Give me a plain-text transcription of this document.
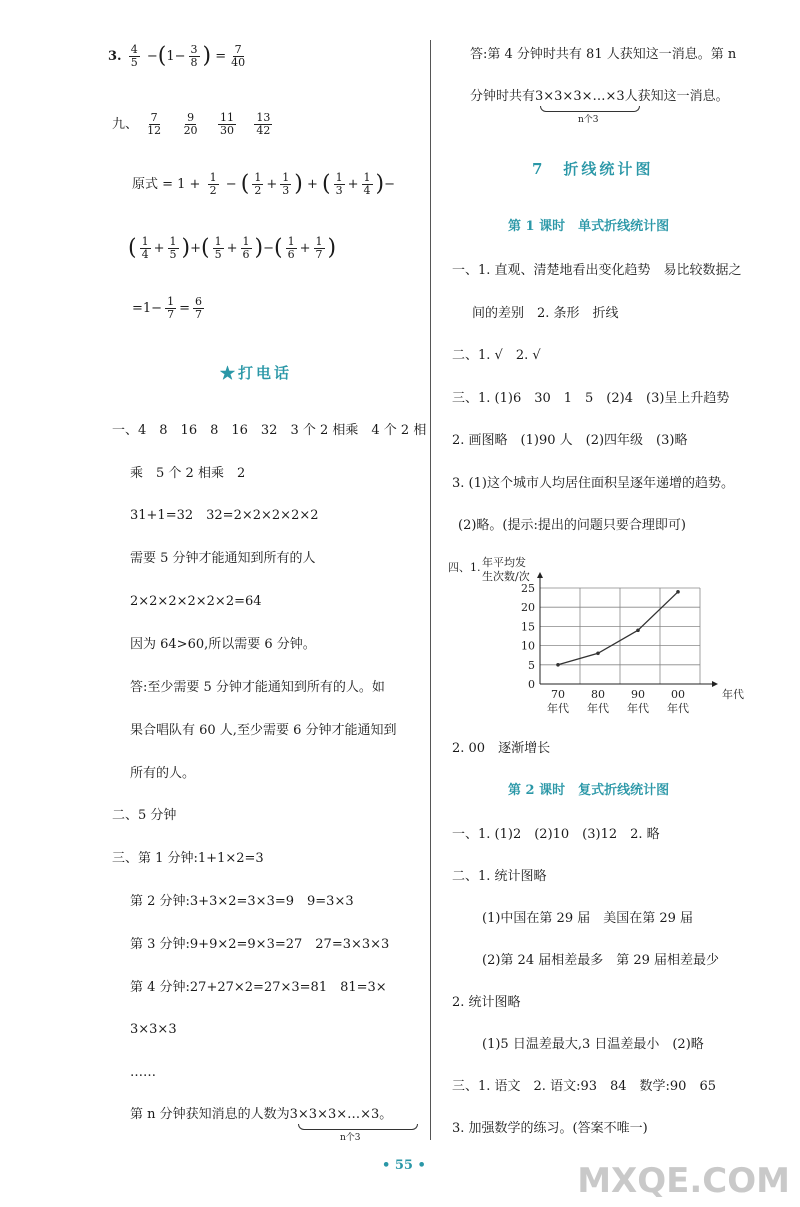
3. $\frac{4}{5} -(1- \frac{3}{8}$ ) = $\frac{7}{40}$
九、 $\frac{7}{12}$
$\frac{9}{20}$
$\frac{11}{30}$
$\frac{13}{42}$
原式 = $1 + \frac{1}{2}$ − ( $\frac{1}{2} + \frac{1}{3}$ ) + ( $\frac{1}{3} + \frac{1}{4}$ )−
( $\frac{1}{4} + \frac{1}{5}$ )+( $\frac{1}{5} + \frac{1}{6}$ )−( $\frac{1}{6} + \frac{1}{7}$ )
$=1- \frac{1}{7} = \frac{6}{7}$
★打电话
一、4　8　16　8　16　32　3 个 2 相乘　4 个 2 相
乘　5 个 2 相乘　2
31+1=32　32=2×2×2×2×2
需要 5 分钟才能通知到所有的人
2×2×2×2×2×2=64
因为 64>60,所以需要 6 分钟。
答:至少需要 5 分钟才能通知到所有的人。如
果合唱队有 60 人,至少需要 6 分钟才能通知到
所有的人。
二、5 分钟
三、第 1 分钟:1+1×2=3
第 2 分钟:3+3×2=3×3=9　9=3×3
第 3 分钟:9+9×2=9×3=27　27=3×3×3
第 4 分钟:27+27×2=27×3=81　81=3×
3×3×3
……
第 n 分钟获知消息的人数为3×3×3×…×3。
n个3
答:第 4 分钟时共有 81 人获知这一消息。第 n
分钟时共有3×3×3×…×3人获知这一消息。
n个3
7　折线统计图
第 1 课时　单式折线统计图
一、1. 直观、清楚地看出变化趋势　易比较数据之
间的差别　2. 条形　折线
二、1. √　2. √
三、1. (1)6　30　1　5　(2)4　(3)呈上升趋势
2. 画图略　(1)90 人　(2)四年级　(3)略
3. (1)这个城市人均居住面积呈逐年递增的趋势。
(2)略。(提示:提出的问题只要合理即可)
四、1. 年平均发
生次数/次
0
5
10
15
20
25
70
年代
80
年代
90
年代
00
年代
年代
2. 00　逐渐增长
第 2 课时　复式折线统计图
一、1. (1)2　(2)10　(3)12　2. 略
二、1. 统计图略
(1)中国在第 29 届　美国在第 29 届
(2)第 24 届相差最多　第 29 届相差最少
2. 统计图略
(1)5 日温差最大,3 日温差最小　(2)略
三、1. 语文　2. 语文:93　84　数学:90　65
3. 加强数学的练习。(答案不唯一)
• 55 •	MXQE.COM
